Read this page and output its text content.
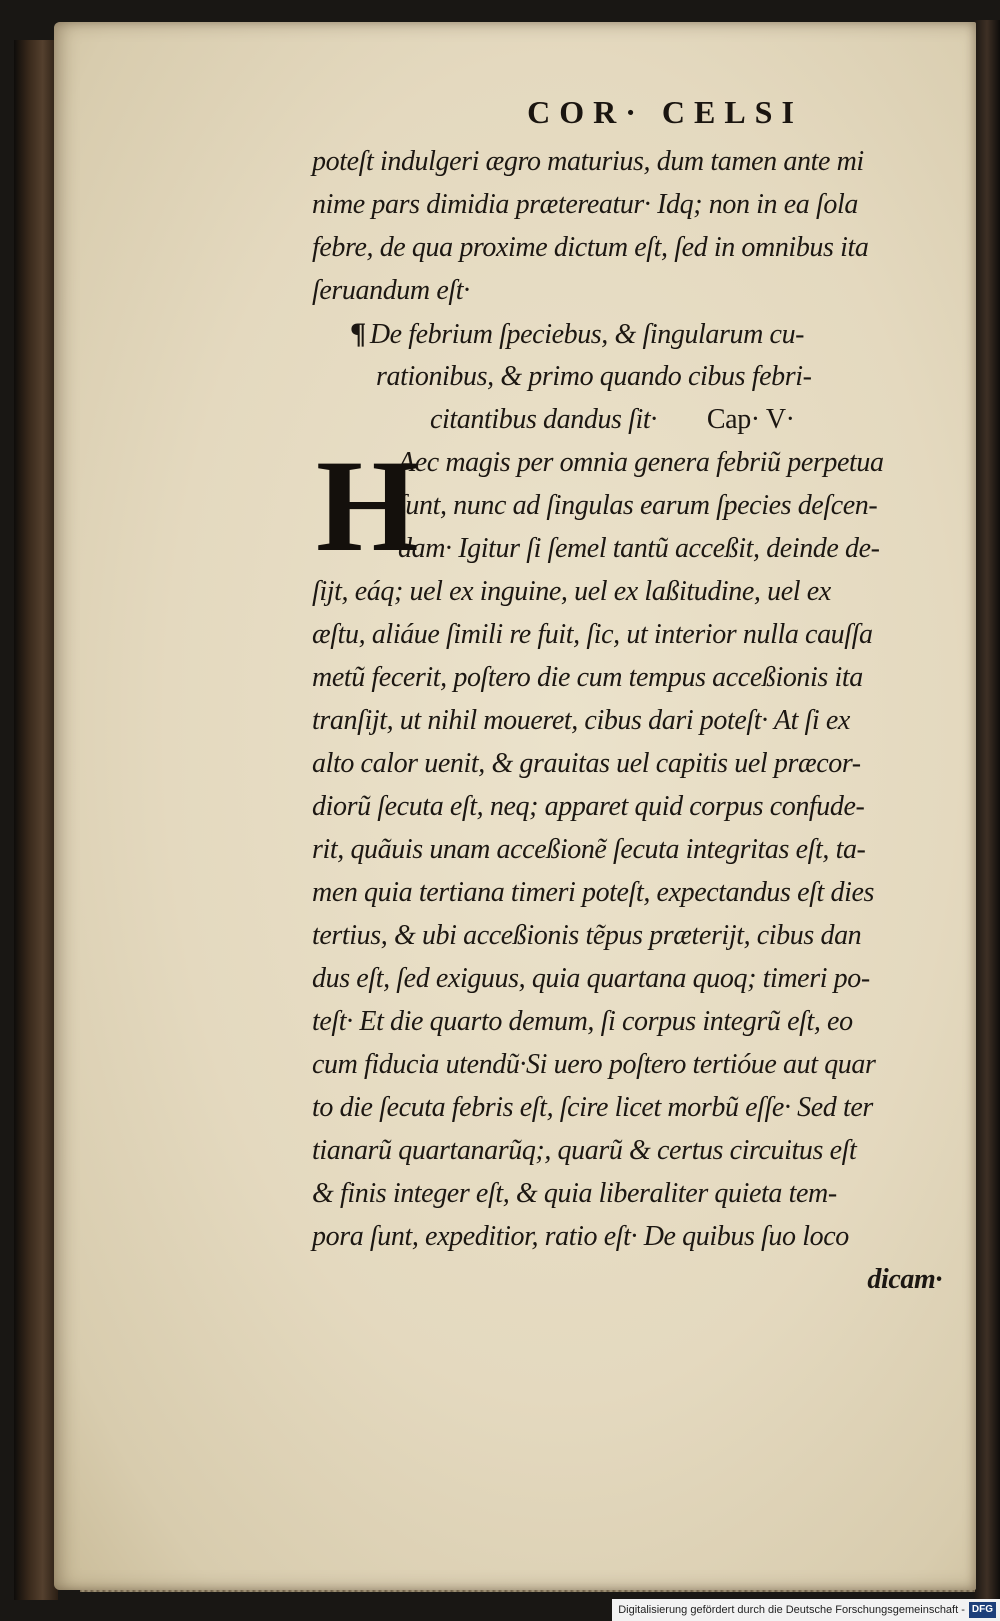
COR· CELSI
poteſt indulgeri ægro maturius, dum tamen ante mi
nime pars dimidia prætereatur· Idq; non in ea ſola
febre, de qua proxime dictum eſt, ſed in omnibus ita
ſeruandum eſt·
¶ De febrium ſpeciebus, & ſingularum cu-
rationibus, & primo quando cibus febri-
citantibus dandus ſit· Cap· V·
H
Aec magis per omnia genera febriũ perpetua
ſunt, nunc ad ſingulas earum ſpecies deſcen-
dam· Igitur ſi ſemel tantũ acceßit, deinde de-
ſijt, eáq; uel ex inguine, uel ex laßitudine, uel ex
æſtu, aliáue ſimili re fuit, ſic, ut interior nulla cauſſa
metũ fecerit, poſtero die cum tempus acceßionis ita
tranſijt, ut nihil moueret, cibus dari poteſt· At ſi ex
alto calor uenit, & grauitas uel capitis uel præcor-
diorũ ſecuta eſt, neq; apparet quid corpus confude-
rit, quãuis unam acceßionẽ ſecuta integritas eſt, ta-
men quia tertiana timeri poteſt, expectandus eſt dies
tertius, & ubi acceßionis tẽpus præterijt, cibus dan
dus eſt, ſed exiguus, quia quartana quoq; timeri po-
teſt· Et die quarto demum, ſi corpus integrũ eſt, eo
cum fiducia utendũ·Si uero poſtero tertióue aut quar
to die ſecuta febris eſt, ſcire licet morbũ eſſe· Sed ter
tianarũ quartanarũq;, quarũ & certus circuitus eſt
& finis integer eſt, & quia liberaliter quieta tem-
pora ſunt, expeditior, ratio eſt· De quibus ſuo loco
dicam·
Digitalisierung gefördert durch die Deutsche Forschungsgemeinschaft - DFG
